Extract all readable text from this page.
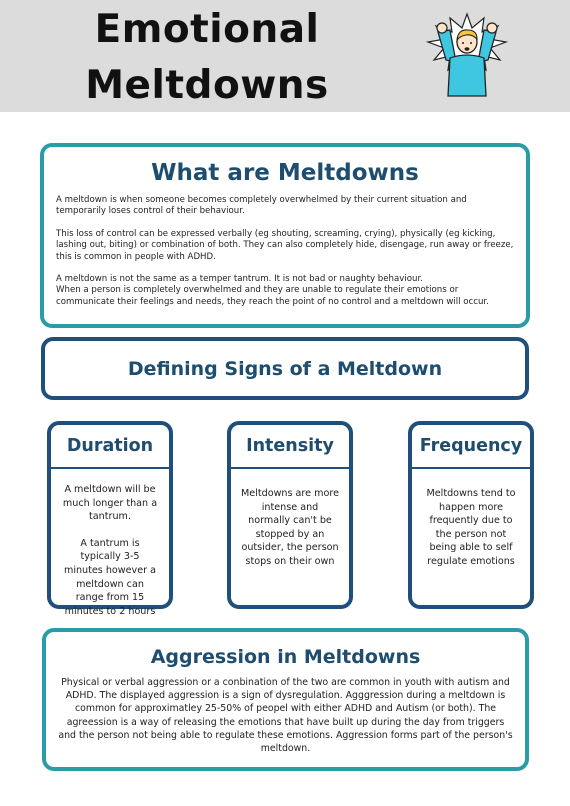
Emotional
Meltdowns
What are Meltdowns

A meltdown is when someone becomes completely overwhelmed by their current situation and temporarily loses control of their behaviour.

This loss of control can be expressed verbally (eg shouting, screaming, crying), physically (eg kicking, lashing out, biting) or combination of both. They can also completely hide, disengage, run away or freeze, this is common in people with ADHD.

A meltdown is not the same as a temper tantrum. It is not bad or naughty behaviour.
When a person is completely overwhelmed and they are unable to regulate their emotions or communicate their feelings and needs, they reach the point of no control and a meltdown will occur.

Defining Signs of a Meltdown
Duration
A meltdown will be much longer than a tantrum.
A tantrum is typically 3-5 minutes however a meltdown can range from 15 minutes to 2 hours
Intensity
Meltdowns are more intense and normally can't be stopped by an outsider, the person stops on their own
Frequency
Meltdowns tend to happen more frequently due to the person not being able to self regulate emotions
Aggression in Meltdowns

Physical or verbal aggression or a conbination of the two are common in youth with autism and ADHD. The displayed aggression is a sign of dysregulation. Agggression during a meltdown is common for approximatley 25-50% of peopel with either ADHD and Autism (or both). The agreession is a way of releasing the emotions that have built up during the day from triggers and the person not being able to regulate these emotions. Aggression forms part of the person's meltdown.
